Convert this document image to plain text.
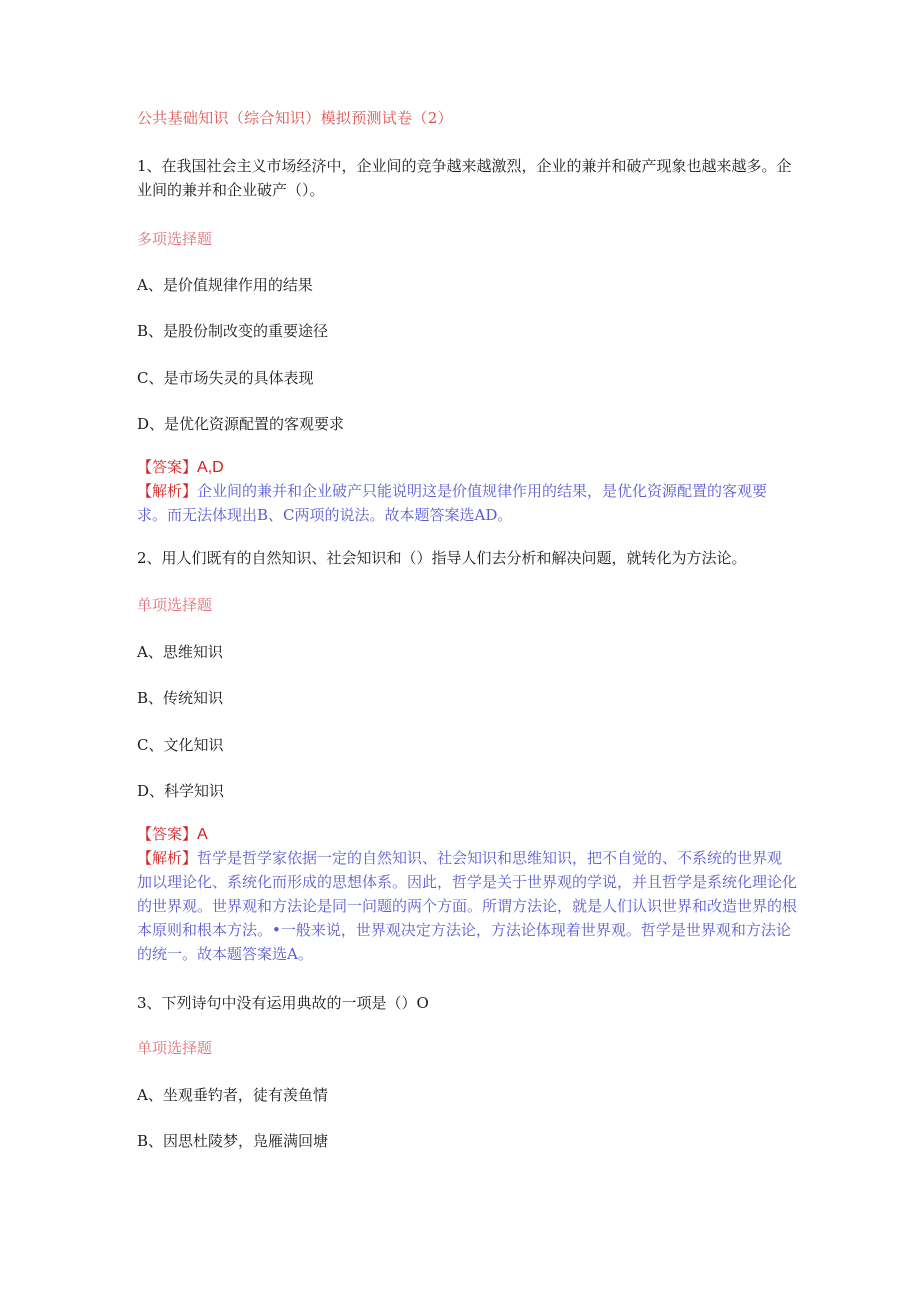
公共基础知识（综合知识）模拟预测试卷（2）
1、在我国社会主义市场经济中，企业间的竞争越来越激烈，企业的兼并和破产现象也越来越多。企业间的兼并和企业破产（）。
多项选择题
A、是价值规律作用的结果
B、是股份制改变的重要途径
C、是市场失灵的具体表现
D、是优化资源配置的客观要求
【答案】A,D
【解析】企业间的兼并和企业破产只能说明这是价值规律作用的结果，是优化资源配置的客观要求。而无法体现出B、C两项的说法。故本题答案选AD。
2、用人们既有的自然知识、社会知识和（）指导人们去分析和解决问题，就转化为方法论。
单项选择题
A、思维知识
B、传统知识
C、文化知识
D、科学知识
【答案】A
【解析】哲学是哲学家依据一定的自然知识、社会知识和思维知识，把不自觉的、不系统的世界观加以理论化、系统化而形成的思想体系。因此，哲学是关于世界观的学说，并且哲学是系统化理论化的世界观。世界观和方法论是同一问题的两个方面。所谓方法论，就是人们认识世界和改造世界的根本原则和根本方法。•一般来说，世界观决定方法论，方法论体现着世界观。哲学是世界观和方法论的统一。故本题答案选A。
3、下列诗句中没有运用典故的一项是（）O
单项选择题
A、坐观垂钓者，徒有羡鱼情
B、因思杜陵梦，凫雁满回塘
